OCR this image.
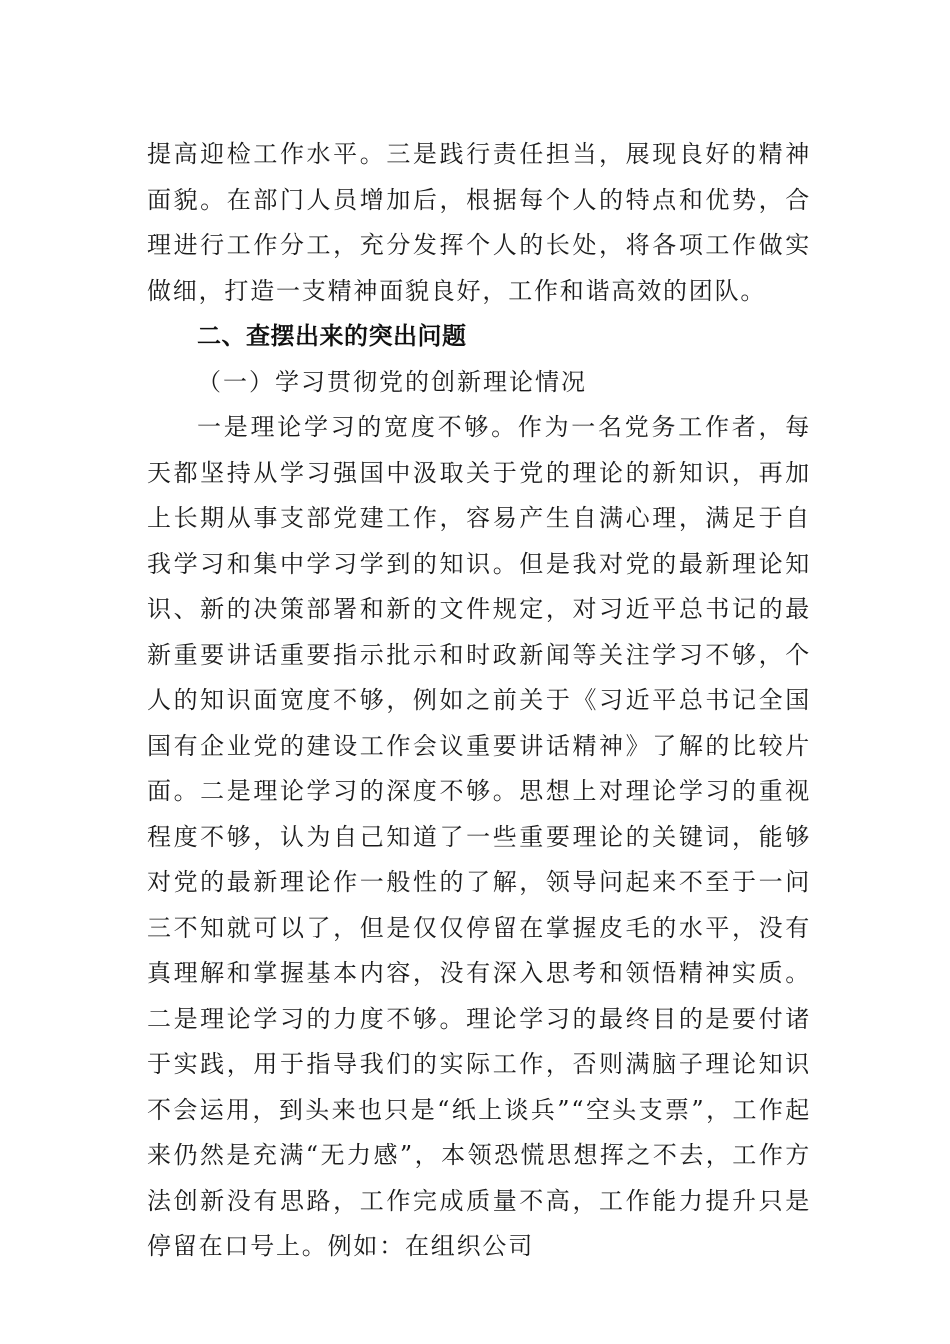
提高迎检工作水平。三是践行责任担当，展现良好的精神面貌。在部门人员增加后，根据每个人的特点和优势，合理进行工作分工，充分发挥个人的长处，将各项工作做实做细，打造一支精神面貌良好，工作和谐高效的团队。

二、查摆出来的突出问题

（一）学习贯彻党的创新理论情况

一是理论学习的宽度不够。作为一名党务工作者，每天都坚持从学习强国中汲取关于党的理论的新知识，再加上长期从事支部党建工作，容易产生自满心理，满足于自我学习和集中学习学到的知识。但是我对党的最新理论知识、新的决策部署和新的文件规定，对习近平总书记的最新重要讲话重要指示批示和时政新闻等关注学习不够，个人的知识面宽度不够，例如之前关于《习近平总书记全国国有企业党的建设工作会议重要讲话精神》了解的比较片面。二是理论学习的深度不够。思想上对理论学习的重视程度不够，认为自己知道了一些重要理论的关键词，能够对党的最新理论作一般性的了解，领导问起来不至于一问三不知就可以了，但是仅仅停留在掌握皮毛的水平，没有真理解和掌握基本内容，没有深入思考和领悟精神实质。二是理论学习的力度不够。理论学习的最终目的是要付诸于实践，用于指导我们的实际工作，否则满脑子理论知识不会运用，到头来也只是“纸上谈兵”“空头支票”，工作起来仍然是充满“无力感”，本领恐慌思想挥之不去，工作方法创新没有思路，工作完成质量不高，工作能力提升只是停留在口号上。例如：在组织公司
